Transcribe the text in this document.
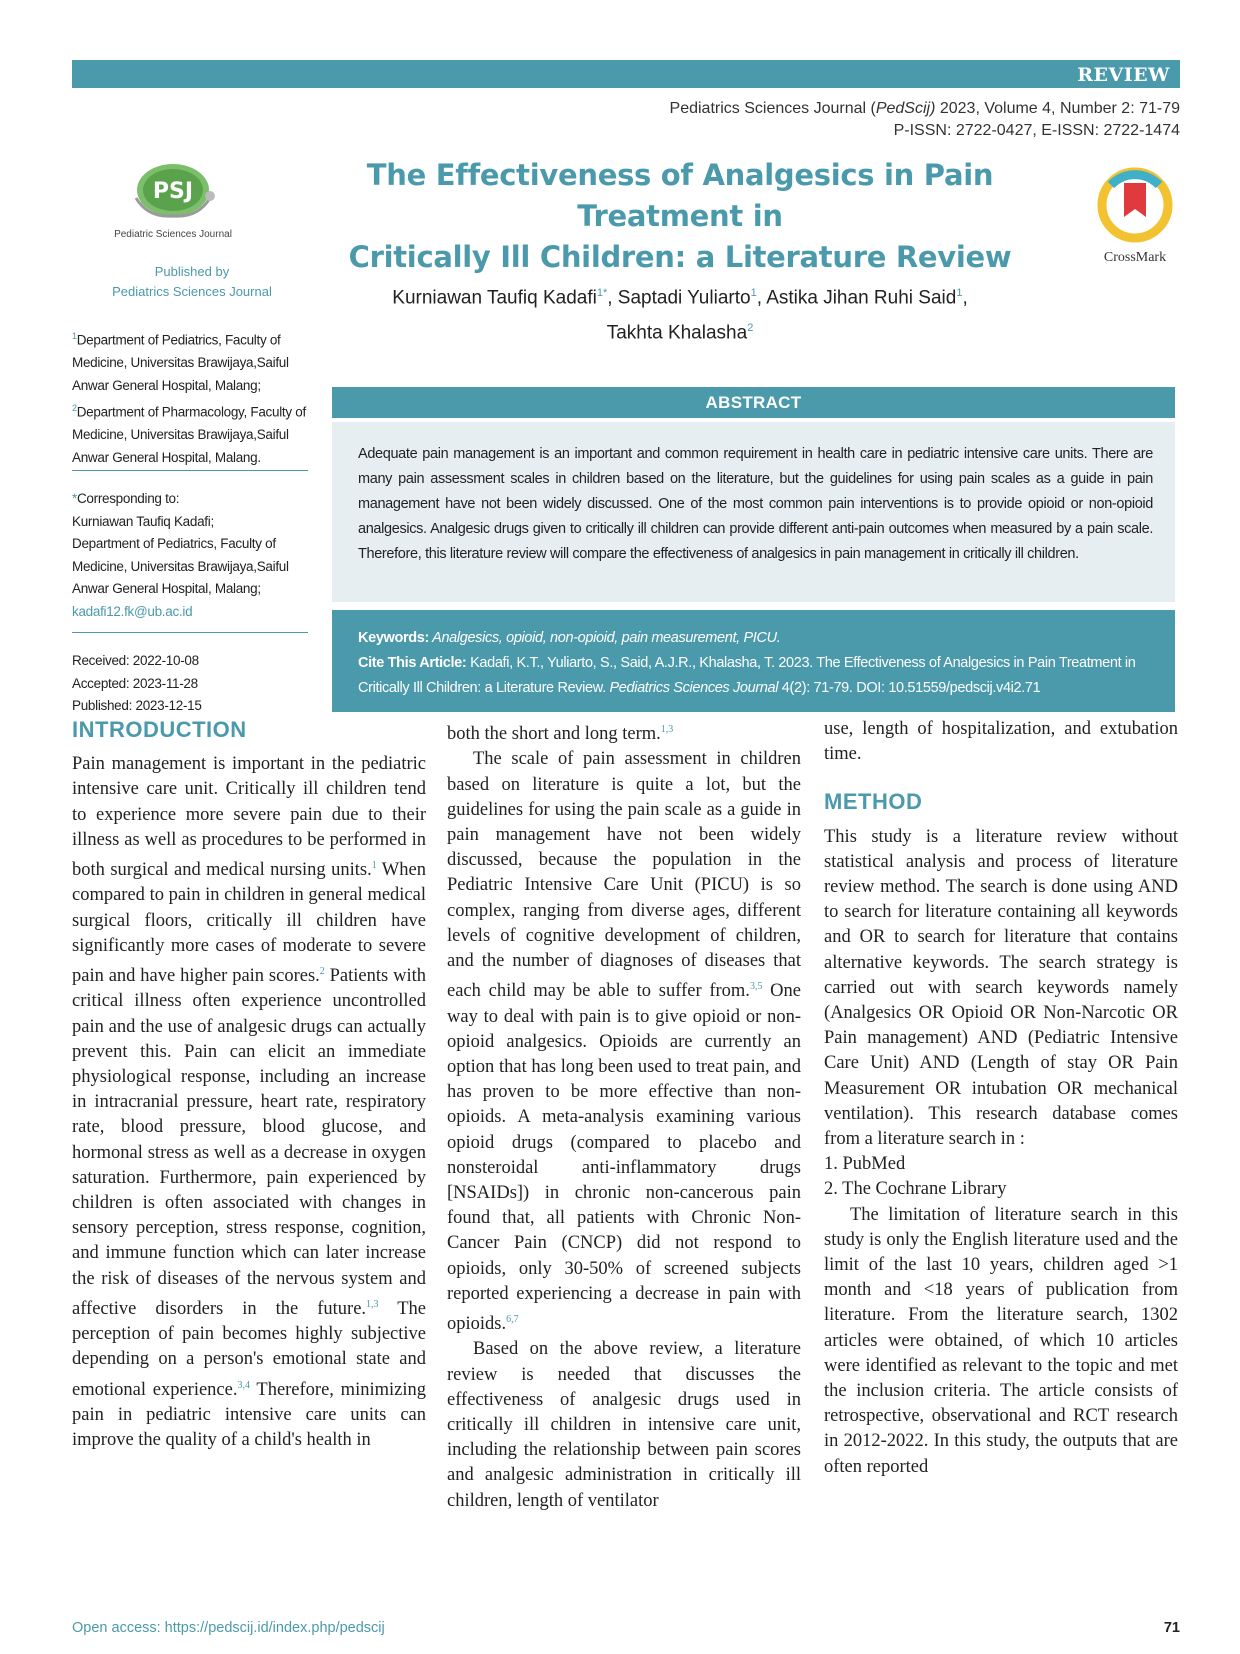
REVIEW
Pediatrics Sciences Journal (PedScij) 2023, Volume 4, Number 2: 71-79
P-ISSN: 2722-0427, E-ISSN: 2722-1474
PSJ
Pediatric Sciences Journal
Published by
Pediatrics Sciences Journal
The Effectiveness of Analgesics in Pain Treatment in
Critically Ill Children: a Literature Review	CrossMark
Kurniawan Taufiq Kadafi$^{1*}$, Saptadi Yuliarto$^1$, Astika Jihan Ruhi Said$^1$,
Takhta Khalasha$^2$
$^1$Department of Pediatrics, Faculty of Medicine, Universitas Brawijaya,Saiful Anwar General Hospital, Malang;
$^2$Department of Pharmacology, Faculty of Medicine, Universitas Brawijaya,Saiful Anwar General Hospital, Malang.
*Corresponding to:
Kurniawan Taufiq Kadafi;
Department of Pediatrics, Faculty of Medicine, Universitas Brawijaya,Saiful Anwar General Hospital, Malang;
kadafi12.fk@ub.ac.id
Received: 2022-10-08
Accepted: 2023-11-28
Published: 2023-12-15
ABSTRACT
Adequate pain management is an important and common requirement in health care in pediatric intensive care units. There are many pain assessment scales in children based on the literature, but the guidelines for using pain scales as a guide in pain management have not been widely discussed. One of the most common pain interventions is to provide opioid or non-opioid analgesics. Analgesic drugs given to critically ill children can provide different anti-pain outcomes when measured by a pain scale. Therefore, this literature review will compare the effectiveness of analgesics in pain management in critically ill children.
Keywords: Analgesics, opioid, non-opioid, pain measurement, PICU.
Cite This Article: Kadafi, K.T., Yuliarto, S., Said, A.J.R., Khalasha, T. 2023. The Effectiveness of Analgesics in Pain Treatment in Critically Ill Children: a Literature Review. Pediatrics Sciences Journal 4(2): 71-79. DOI: 10.51559/pedscij.v4i2.71
INTRODUCTION

Pain management is important in the pediatric intensive care unit. Critically ill children tend to experience more severe pain due to their illness as well as procedures to be performed in both surgical and medical nursing units.$^1$ When compared to pain in children in general medical surgical floors, critically ill children have significantly more cases of moderate to severe pain and have higher pain scores.$^2$ Patients with critical illness often experience uncontrolled pain and the use of analgesic drugs can actually prevent this. Pain can elicit an immediate physiological response, including an increase in intracranial pressure, heart rate, respiratory rate, blood pressure, blood glucose, and hormonal stress as well as a decrease in oxygen saturation. Furthermore, pain experienced by children is often associated with changes in sensory perception, stress response, cognition, and immune function which can later increase the risk of diseases of the nervous system and affective disorders in the future.$^{1,3}$ The perception of pain becomes highly subjective depending on a person's emotional state and emotional experience.$^{3,4}$ Therefore, minimizing pain in pediatric intensive care units can improve the quality of a child's health in

both the short and long term.$^{1,3}$

The scale of pain assessment in children based on literature is quite a lot, but the guidelines for using the pain scale as a guide in pain management have not been widely discussed, because the population in the Pediatric Intensive Care Unit (PICU) is so complex, ranging from diverse ages, different levels of cognitive development of children, and the number of diagnoses of diseases that each child may be able to suffer from.$^{3,5}$ One way to deal with pain is to give opioid or non-opioid analgesics. Opioids are currently an option that has long been used to treat pain, and has proven to be more effective than non-opioids. A meta-analysis examining various opioid drugs (compared to placebo and nonsteroidal anti-inflammatory drugs [NSAIDs]) in chronic non-cancerous pain found that, all patients with Chronic Non-Cancer Pain (CNCP) did not respond to opioids, only 30-50% of screened subjects reported experiencing a decrease in pain with opioids.$^{6,7}$

Based on the above review, a literature review is needed that discusses the effectiveness of analgesic drugs used in critically ill children in intensive care unit, including the relationship between pain scores and analgesic administration in critically ill children, length of ventilator

use, length of hospitalization, and extubation time.

METHOD

This study is a literature review without statistical analysis and process of literature review method. The search is done using AND to search for literature containing all keywords and OR to search for literature that contains alternative keywords. The search strategy is carried out with search keywords namely (Analgesics OR Opioid OR Non-Narcotic OR Pain management) AND (Pediatric Intensive Care Unit) AND (Length of stay OR Pain Measurement OR intubation OR mechanical ventilation). This research database comes from a literature search in :

1. PubMed
2. The Cochrane Library

The limitation of literature search in this study is only the English literature used and the limit of the last 10 years, children aged >1 month and <18 years of publication from literature. From the literature search, 1302 articles were obtained, of which 10 articles were identified as relevant to the topic and met the inclusion criteria. The article consists of retrospective, observational and RCT research in 2012-2022. In this study, the outputs that are often reported

Open access: https://pedscij.id/index.php/pedscij	71
